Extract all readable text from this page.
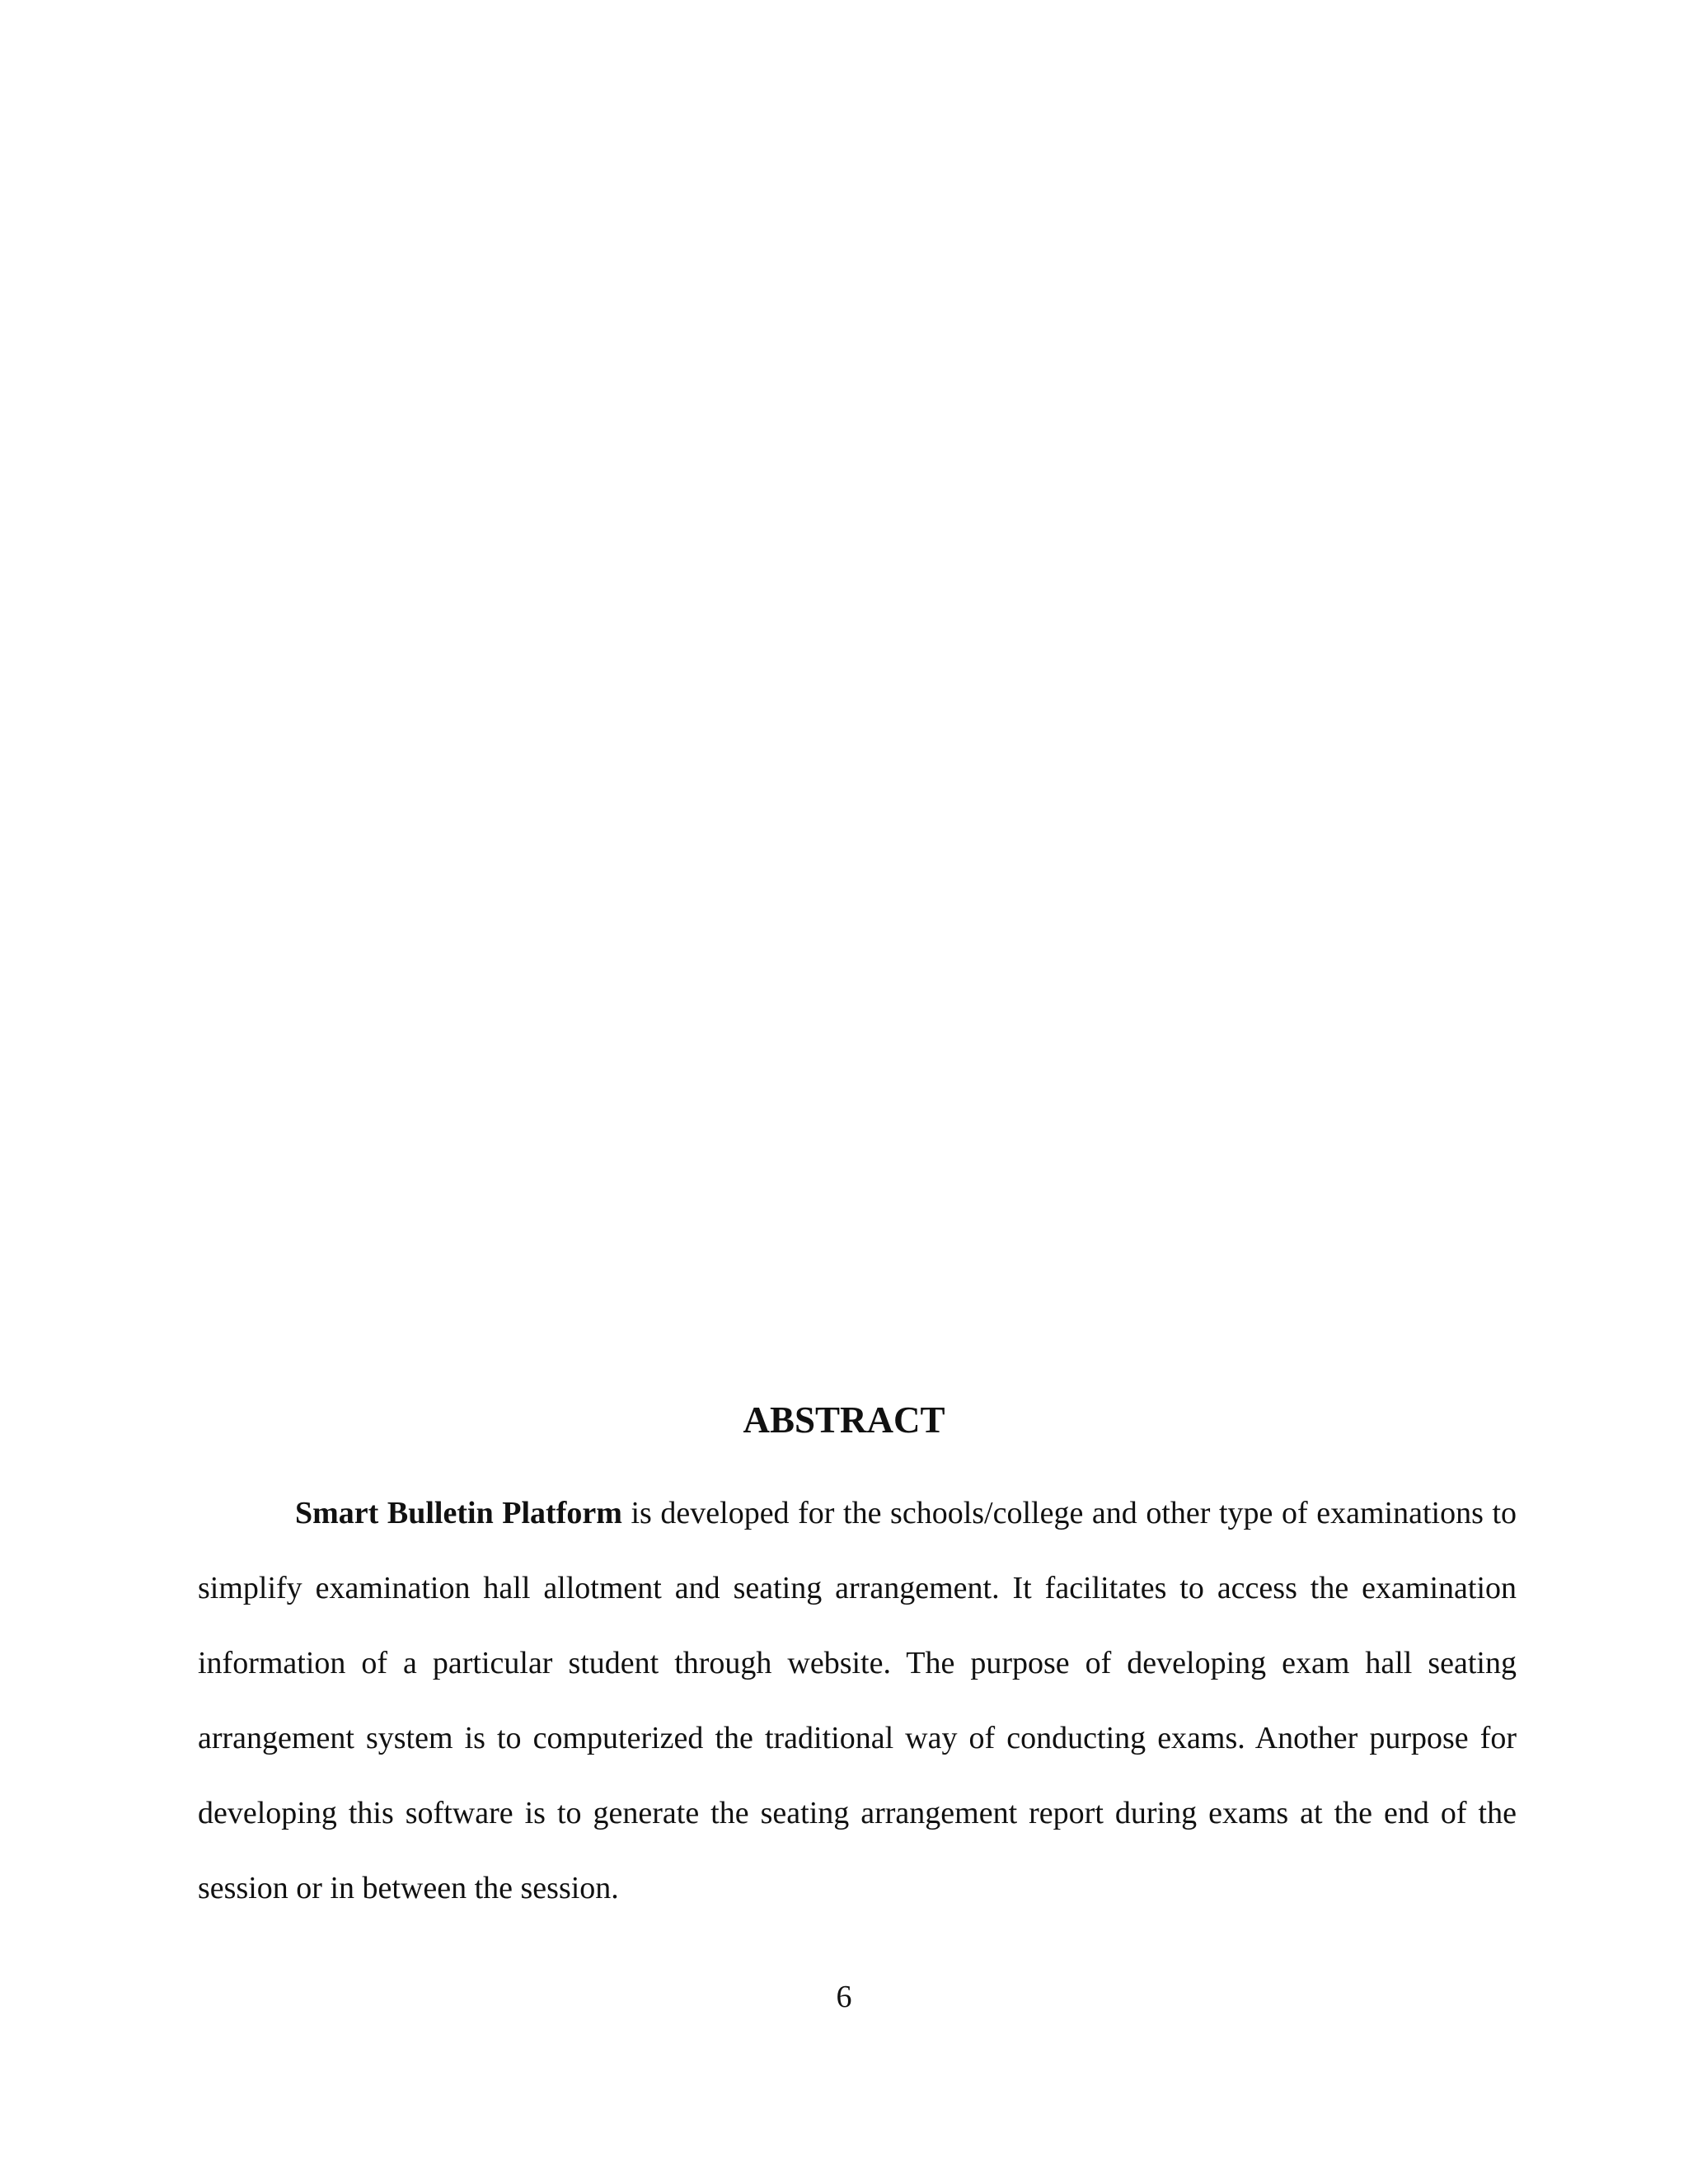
ABSTRACT

Smart Bulletin Platform is developed for the schools/college and other type of examinations to simplify examination hall allotment and seating arrangement. It facilitates to access the examination information of a particular student through website. The purpose of developing exam hall seating arrangement system is to computerized the traditional way of conducting exams. Another purpose for developing this software is to generate the seating arrangement report during exams at the end of the session or in between the session.

6
